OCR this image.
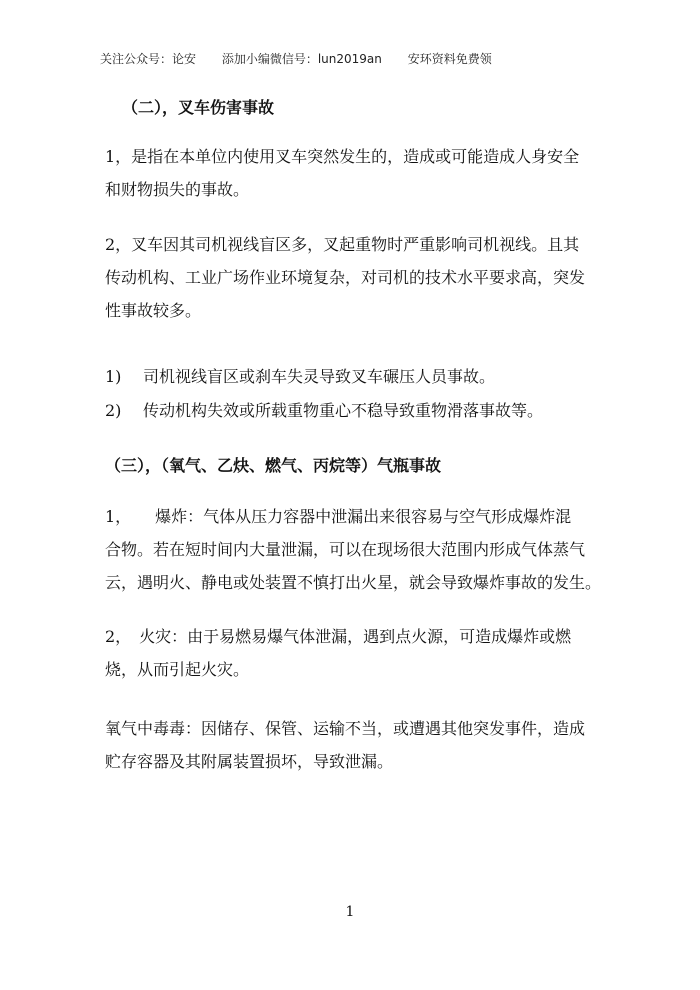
关注公众号：论安 添加小编微信号：lun2019an 安环资料免费领
（二），叉车伤害事故
1，是指在本单位内使用叉车突然发生的，造成或可能造成人身安全
和财物损失的事故。
2，叉车因其司机视线盲区多，叉起重物时严重影响司机视线。且其
传动机构、工业广场作业环境复杂，对司机的技术水平要求高，突发
性事故较多。
1) 司机视线盲区或刹车失灵导致叉车碾压人员事故。
2) 传动机构失效或所载重物重心不稳导致重物滑落事故等。
（三），（氧气、乙炔、燃气、丙烷等）气瓶事故
1，　　爆炸：气体从压力容器中泄漏出来很容易与空气形成爆炸混
合物。若在短时间内大量泄漏，可以在现场很大范围内形成气体蒸气
云，遇明火、静电或处装置不慎打出火星，就会导致爆炸事故的发生。
2，　火灾：由于易燃易爆气体泄漏，遇到点火源，可造成爆炸或燃
烧，从而引起火灾。
氧气中毒毒：因储存、保管、运输不当，或遭遇其他突发事件，造成
贮存容器及其附属装置损坏，导致泄漏。
1
